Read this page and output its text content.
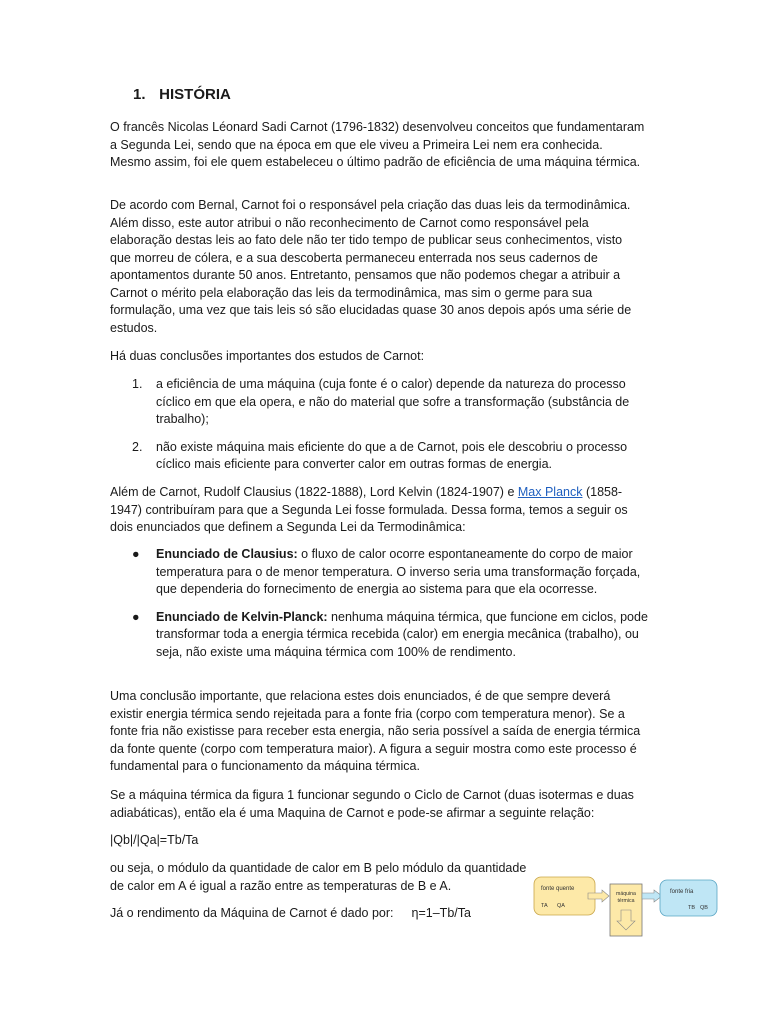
1. HISTÓRIA

O francês Nicolas Léonard Sadi Carnot (1796-1832) desenvolveu conceitos que fundamentaram a Segunda Lei, sendo que na época em que ele viveu a Primeira Lei nem era conhecida. Mesmo assim, foi ele quem estabeleceu o último padrão de eficiência de uma máquina térmica.

De acordo com Bernal, Carnot foi o responsável pela criação das duas leis da termodinâmica. Além disso, este autor atribui o não reconhecimento de Carnot como responsável pela elaboração destas leis ao fato dele não ter tido tempo de publicar seus conhecimentos, visto que morreu de cólera, e a sua descoberta permaneceu enterrada nos seus cadernos de apontamentos durante 50 anos. Entretanto, pensamos que não podemos chegar a atribuir a Carnot o mérito pela elaboração das leis da termodinâmica, mas sim o germe para sua formulação, uma vez que tais leis só são elucidadas quase 30 anos depois após uma série de estudos.

Há duas conclusões importantes dos estudos de Carnot:

1. a eficiência de uma máquina (cuja fonte é o calor) depende da natureza do processo cíclico em que ela opera, e não do material que sofre a transformação (substância de trabalho);
2. não existe máquina mais eficiente do que a de Carnot, pois ele descobriu o processo cíclico mais eficiente para converter calor em outras formas de energia.

Além de Carnot, Rudolf Clausius (1822-1888), Lord Kelvin (1824-1907) e Max Planck (1858-1947) contribuíram para que a Segunda Lei fosse formulada. Dessa forma, temos a seguir os dois enunciados que definem a Segunda Lei da Termodinâmica:

● Enunciado de Clausius: o fluxo de calor ocorre espontaneamente do corpo de maior temperatura para o de menor temperatura. O inverso seria uma transformação forçada, que dependeria do fornecimento de energia ao sistema para que ela ocorresse.
● Enunciado de Kelvin-Planck: nenhuma máquina térmica, que funcione em ciclos, pode transformar toda a energia térmica recebida (calor) em energia mecânica (trabalho), ou seja, não existe uma máquina térmica com 100% de rendimento.

Uma conclusão importante, que relaciona estes dois enunciados, é de que sempre deverá existir energia térmica sendo rejeitada para a fonte fria (corpo com temperatura menor). Se a fonte fria não existisse para receber esta energia, não seria possível a saída de energia térmica da fonte quente (corpo com temperatura maior). A figura a seguir mostra como este processo é fundamental para o funcionamento da máquina térmica.

Se a máquina térmica da figura 1 funcionar segundo o Ciclo de Carnot (duas isotermas e duas adiabáticas), então ela é uma Maquina de Carnot e pode-se afirmar a seguinte relação:

|Qb|/|Qa|=Tb/Ta

ou seja, o módulo da quantidade de calor em B pelo módulo da quantidade de calor em A é igual a razão entre as temperaturas de B e A.

Já o rendimento da Máquina de Carnot é dado por: η=1–Tb/Ta

fonte quente
TA QA
máquina
térmica
fonte fria
TB QB
